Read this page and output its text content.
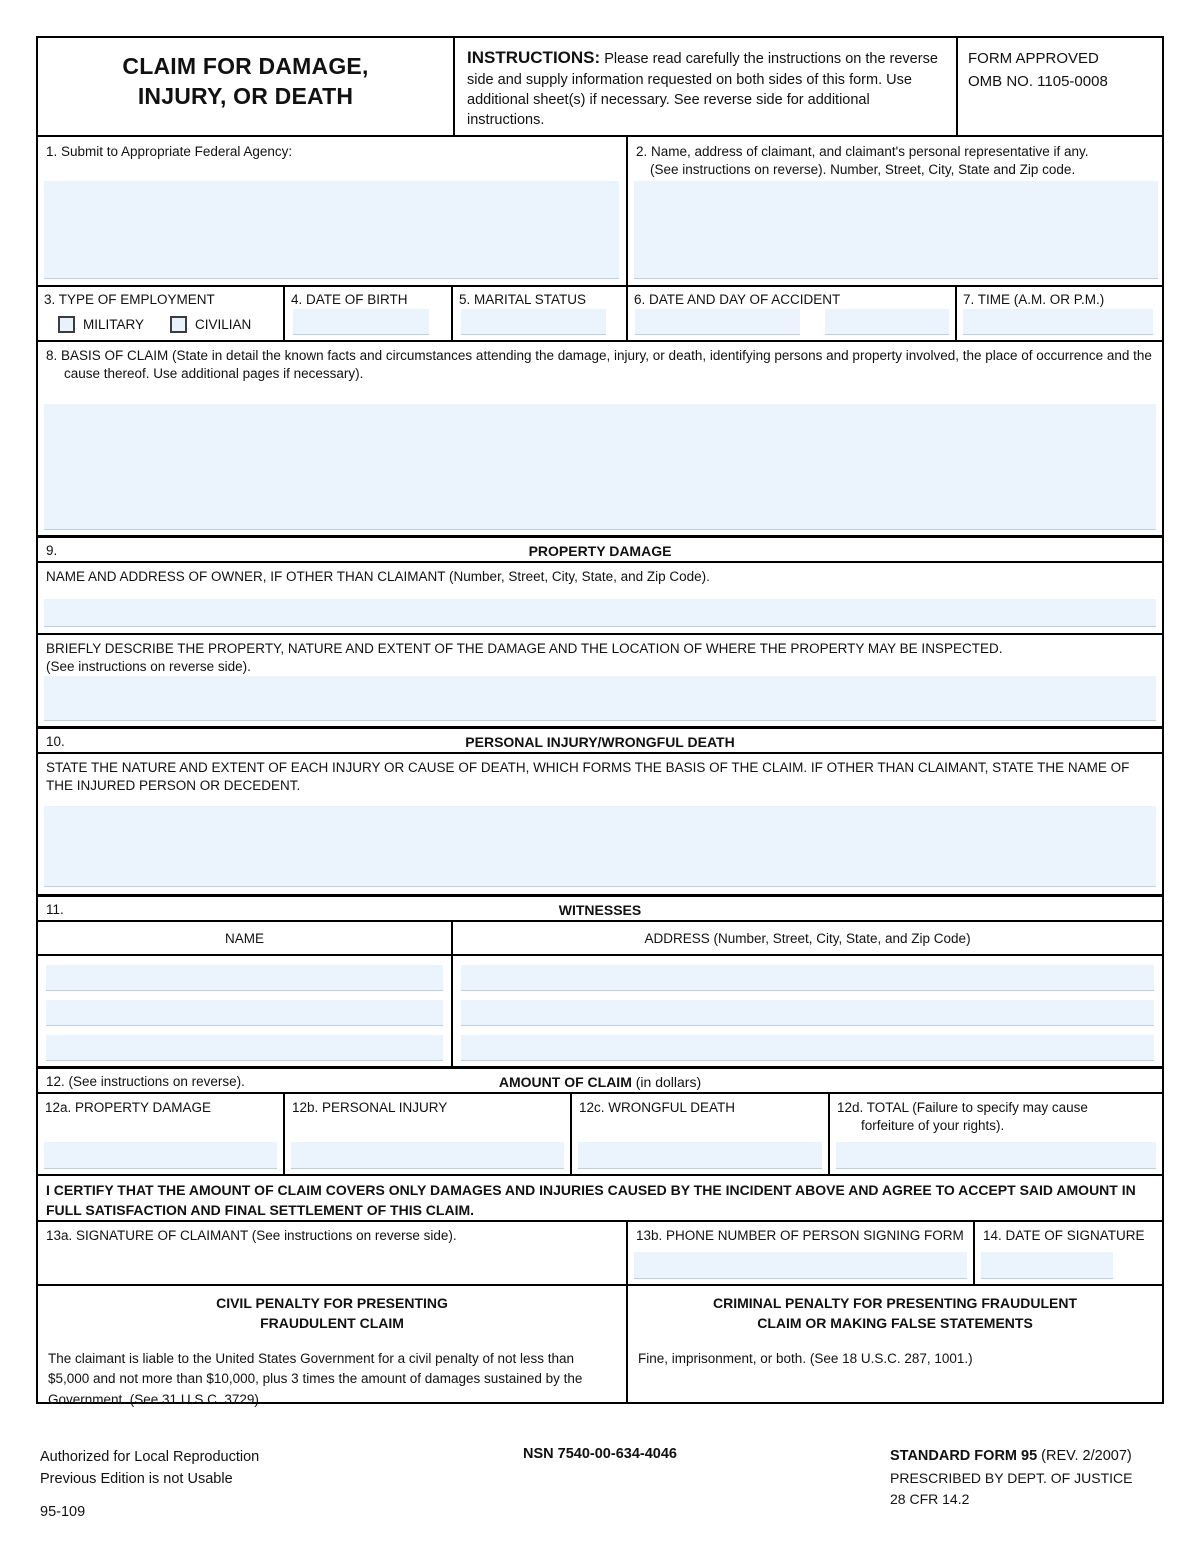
CLAIM FOR DAMAGE,
INJURY, OR DEATH
INSTRUCTIONS: Please read carefully the instructions on the reverse side and supply information requested on both sides of this form. Use additional sheet(s) if necessary. See reverse side for additional instructions.
FORM APPROVED
OMB NO. 1105-0008
1. Submit to Appropriate Federal Agency:	2. Name, address of claimant, and claimant's personal representative if any.
(See instructions on reverse). Number, Street, City, State and Zip code.
3. TYPE OF EMPLOYMENT
MILITARY	CIVILIAN
4. DATE OF BIRTH	5. MARITAL STATUS	6. DATE AND DAY OF ACCIDENT	7. TIME (A.M. OR P.M.)
8. BASIS OF CLAIM (State in detail the known facts and circumstances attending the damage, injury, or death, identifying persons and property involved, the place of occurrence and the cause thereof. Use additional pages if necessary).
9.	PROPERTY DAMAGE
NAME AND ADDRESS OF OWNER, IF OTHER THAN CLAIMANT (Number, Street, City, State, and Zip Code).
BRIEFLY DESCRIBE THE PROPERTY, NATURE AND EXTENT OF THE DAMAGE AND THE LOCATION OF WHERE THE PROPERTY MAY BE INSPECTED.
(See instructions on reverse side).
10.	PERSONAL INJURY/WRONGFUL DEATH
STATE THE NATURE AND EXTENT OF EACH INJURY OR CAUSE OF DEATH, WHICH FORMS THE BASIS OF THE CLAIM. IF OTHER THAN CLAIMANT, STATE THE NAME OF THE INJURED PERSON OR DECEDENT.
11.	WITNESSES
NAME	ADDRESS (Number, Street, City, State, and Zip Code)
12. (See instructions on reverse).	AMOUNT OF CLAIM (in dollars)
12a. PROPERTY DAMAGE	12b. PERSONAL INJURY	12c. WRONGFUL DEATH	12d. TOTAL (Failure to specify may cause
forfeiture of your rights).
I CERTIFY THAT THE AMOUNT OF CLAIM COVERS ONLY DAMAGES AND INJURIES CAUSED BY THE INCIDENT ABOVE AND AGREE TO ACCEPT SAID AMOUNT IN FULL SATISFACTION AND FINAL SETTLEMENT OF THIS CLAIM.
13a. SIGNATURE OF CLAIMANT (See instructions on reverse side).	13b. PHONE NUMBER OF PERSON SIGNING FORM 14. DATE OF SIGNATURE
CIVIL PENALTY FOR PRESENTING
FRAUDULENT CLAIM
The claimant is liable to the United States Government for a civil penalty of not less than $5,000 and not more than $10,000, plus 3 times the amount of damages sustained by the Government. (See 31 U.S.C. 3729).
CRIMINAL PENALTY FOR PRESENTING FRAUDULENT
CLAIM OR MAKING FALSE STATEMENTS
Fine, imprisonment, or both. (See 18 U.S.C. 287, 1001.)
Authorized for Local Reproduction
Previous Edition is not Usable
95-109
NSN 7540-00-634-4046	STANDARD FORM 95 (REV. 2/2007)
PRESCRIBED BY DEPT. OF JUSTICE
28 CFR 14.2
